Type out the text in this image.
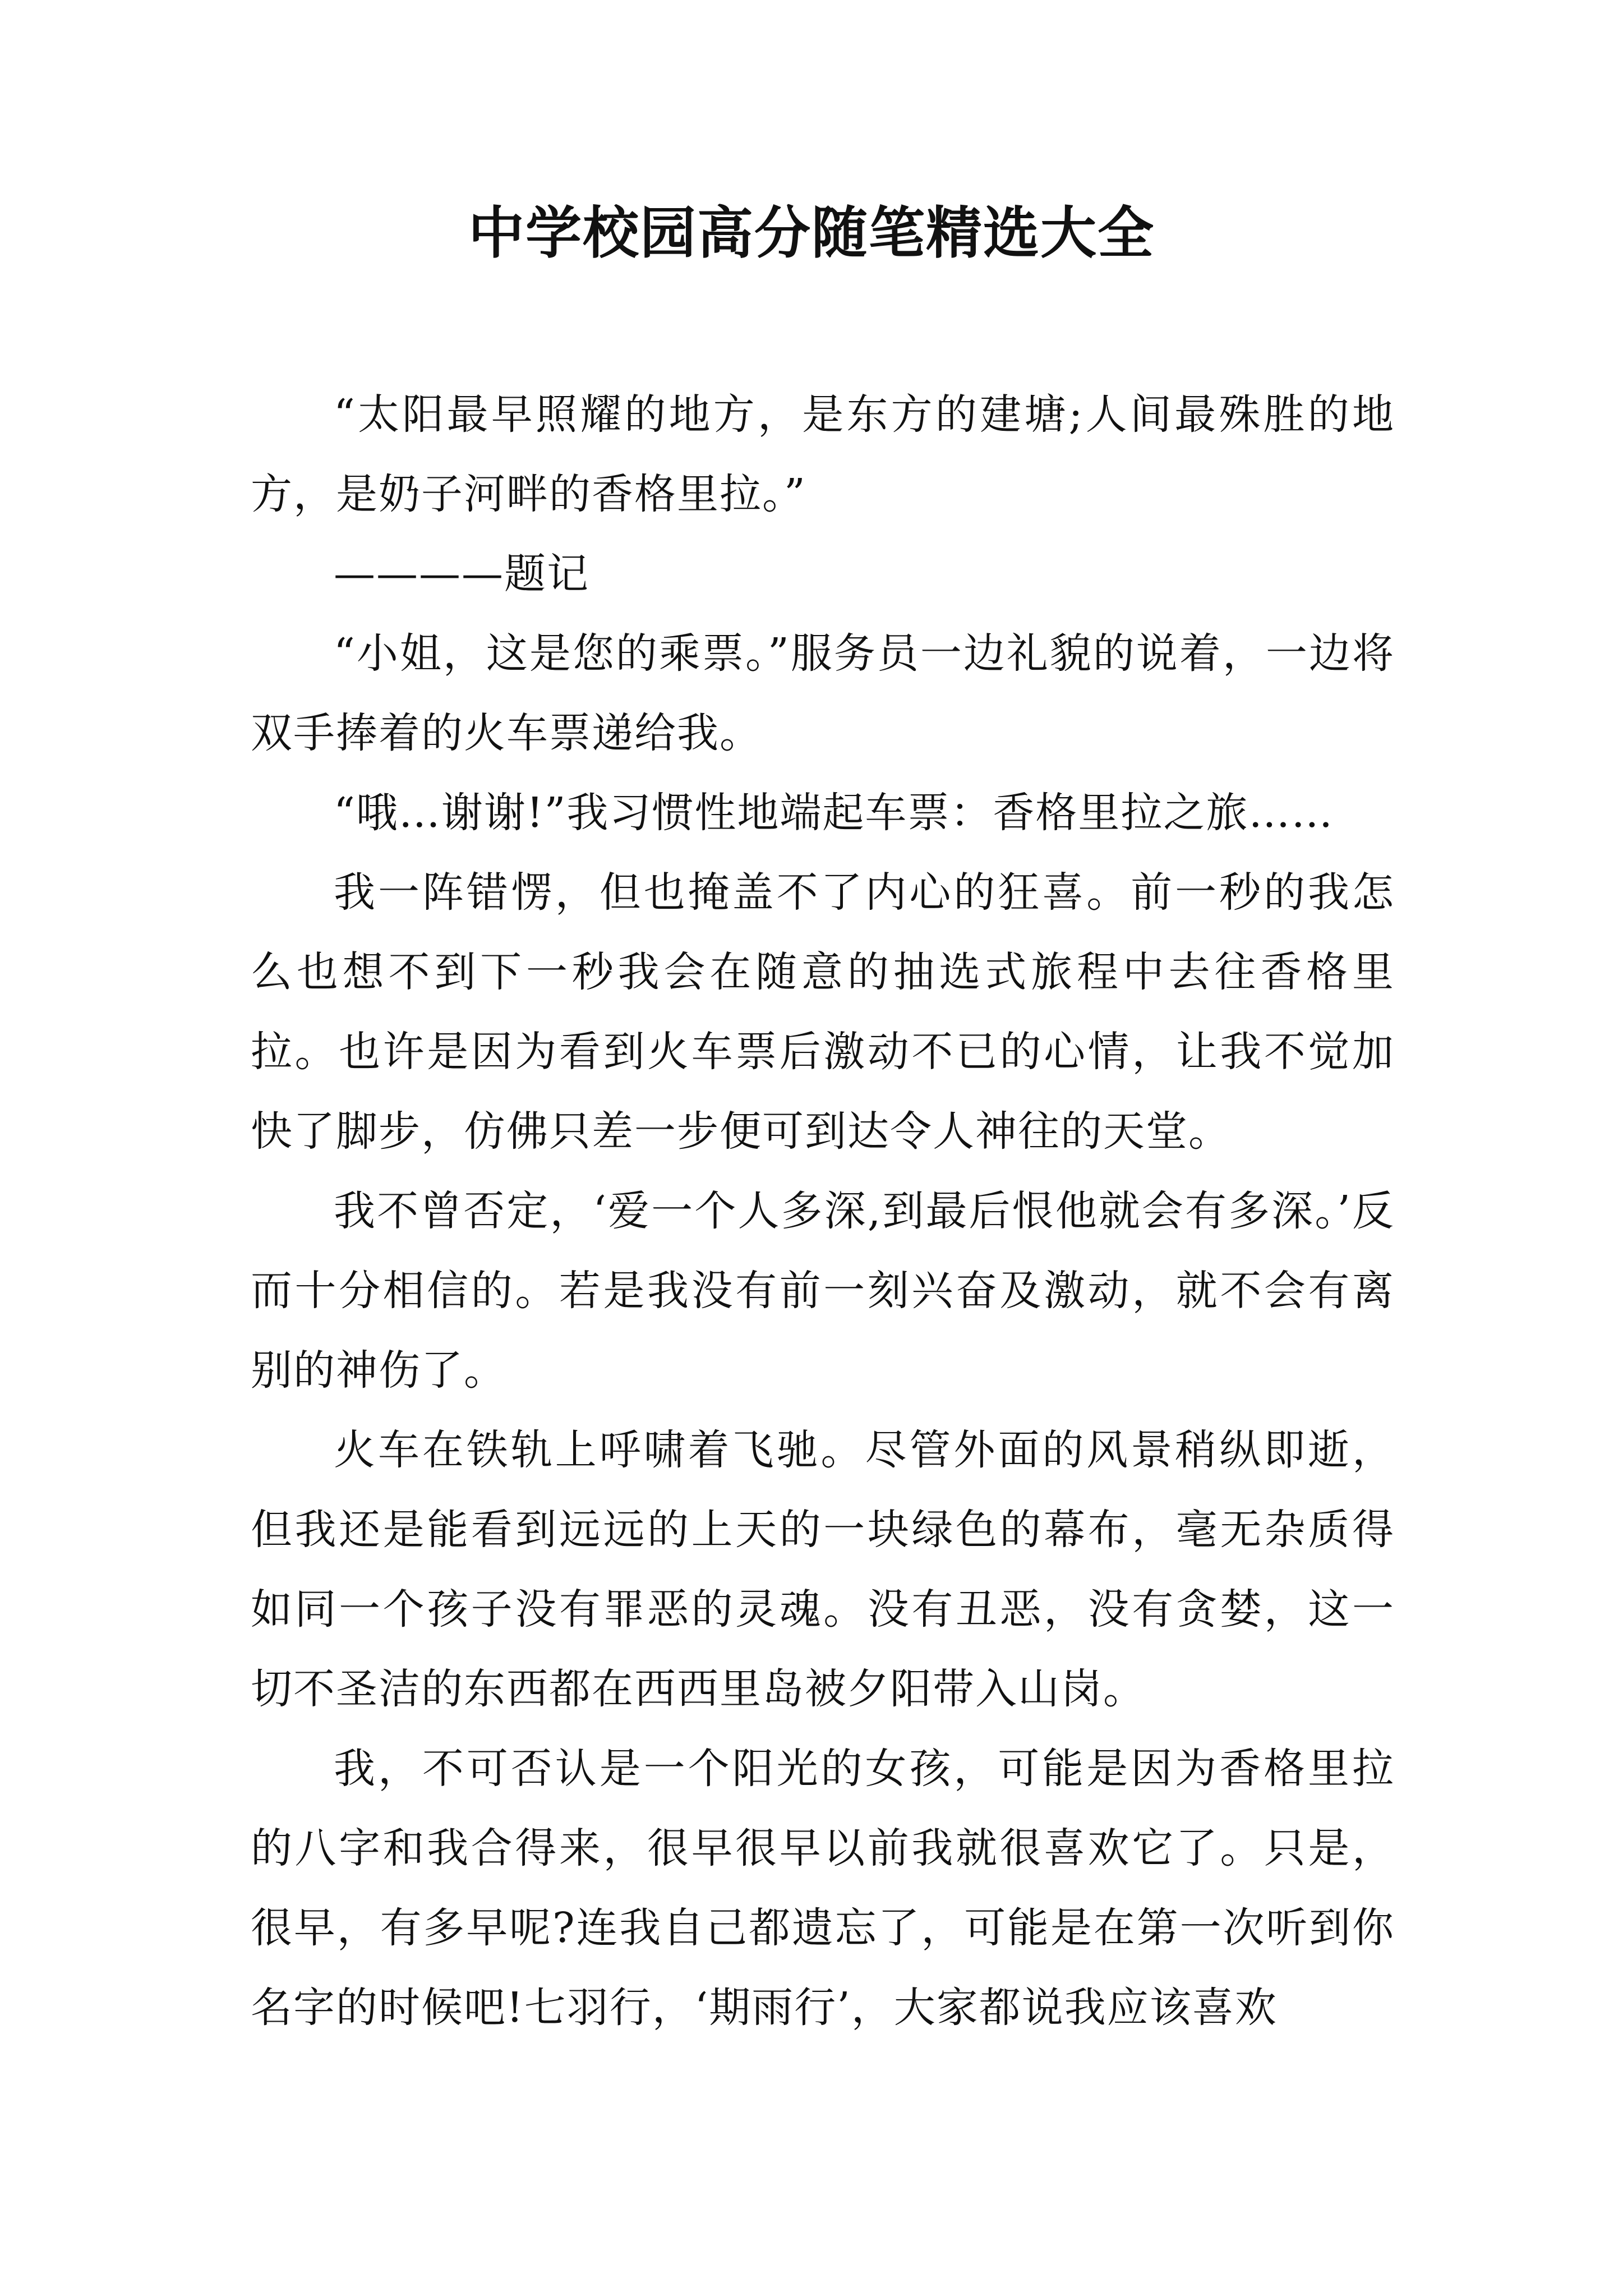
中学校园高分随笔精选大全

“太阳最早照耀的地方，是东方的建塘;人间最殊胜的地方，是奶子河畔的香格里拉。”

————题记

“小姐，这是您的乘票。”服务员一边礼貌的说着，一边将双手捧着的火车票递给我。

“哦…谢谢!”我习惯性地端起车票：香格里拉之旅……

我一阵错愣，但也掩盖不了内心的狂喜。前一秒的我怎么也想不到下一秒我会在随意的抽选式旅程中去往香格里拉。也许是因为看到火车票后激动不已的心情，让我不觉加快了脚步，仿佛只差一步便可到达令人神往的天堂。

我不曾否定，‘爱一个人多深,到最后恨他就会有多深。’反而十分相信的。若是我没有前一刻兴奋及激动，就不会有离别的神伤了。

火车在铁轨上呼啸着飞驰。尽管外面的风景稍纵即逝，但我还是能看到远远的上天的一块绿色的幕布，毫无杂质得如同一个孩子没有罪恶的灵魂。没有丑恶，没有贪婪，这一切不圣洁的东西都在西西里岛被夕阳带入山岗。

我，不可否认是一个阳光的女孩，可能是因为香格里拉的八字和我合得来，很早很早以前我就很喜欢它了。只是，很早，有多早呢?连我自己都遗忘了，可能是在第一次听到你名字的时候吧!七羽行，‘期雨行’，大家都说我应该喜欢
